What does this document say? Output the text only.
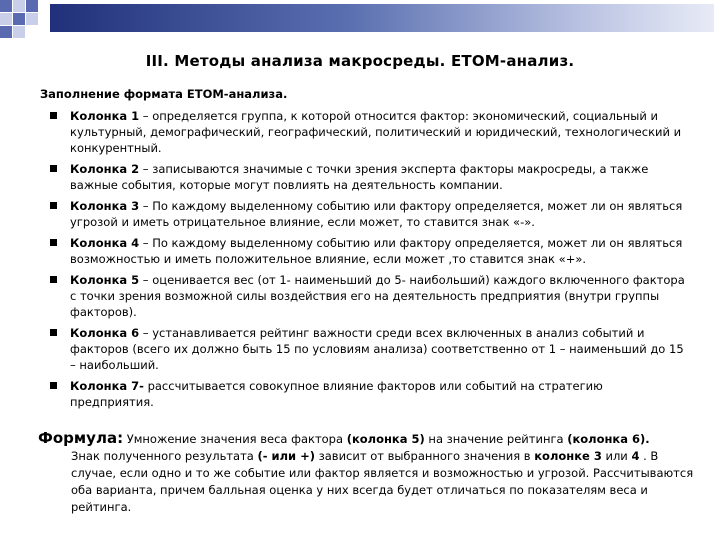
III. Методы анализа макросреды. ETOM-анализ.
Заполнение формата ETOM-анализа.
Колонка 1 – определяется группа, к которой относится фактор: экономический, социальный и культурный, демографический, географический, политический и юридический, технологический и конкурентный.
Колонка 2 – записываются значимые с точки зрения эксперта факторы макросреды, а также важные события, которые могут повлиять на деятельность компании.
Колонка 3 – По каждому выделенному событию или фактору определяется, может ли он являться угрозой и иметь отрицательное влияние, если может, то ставится знак «-».
Колонка 4 – По каждому выделенному событию или фактору определяется, может ли он являться возможностью и иметь положительное влияние, если может ,то ставится знак «+».
Колонка 5 – оценивается вес (от 1- наименьший до 5- наибольший) каждого включенного фактора с точки зрения возможной силы воздействия его на деятельность предприятия (внутри группы факторов).
Колонка 6 – устанавливается рейтинг важности среди всех включенных в анализ событий и факторов (всего их должно быть 15 по условиям анализа) соответственно от 1 – наименьший до 15 – наибольший.
Колонка 7- рассчитывается совокупное влияние факторов или событий на стратегию предприятия.
Формула: Умножение значения веса фактора (колонка 5) на значение рейтинга (колонка 6).
Знак полученного результата (- или +) зависит от выбранного значения в колонке 3 или 4 . В случае, если одно и то же событие или фактор является и возможностью и угрозой. Рассчитываются оба варианта, причем балльная оценка у них всегда будет отличаться по показателям веса и рейтинга.
